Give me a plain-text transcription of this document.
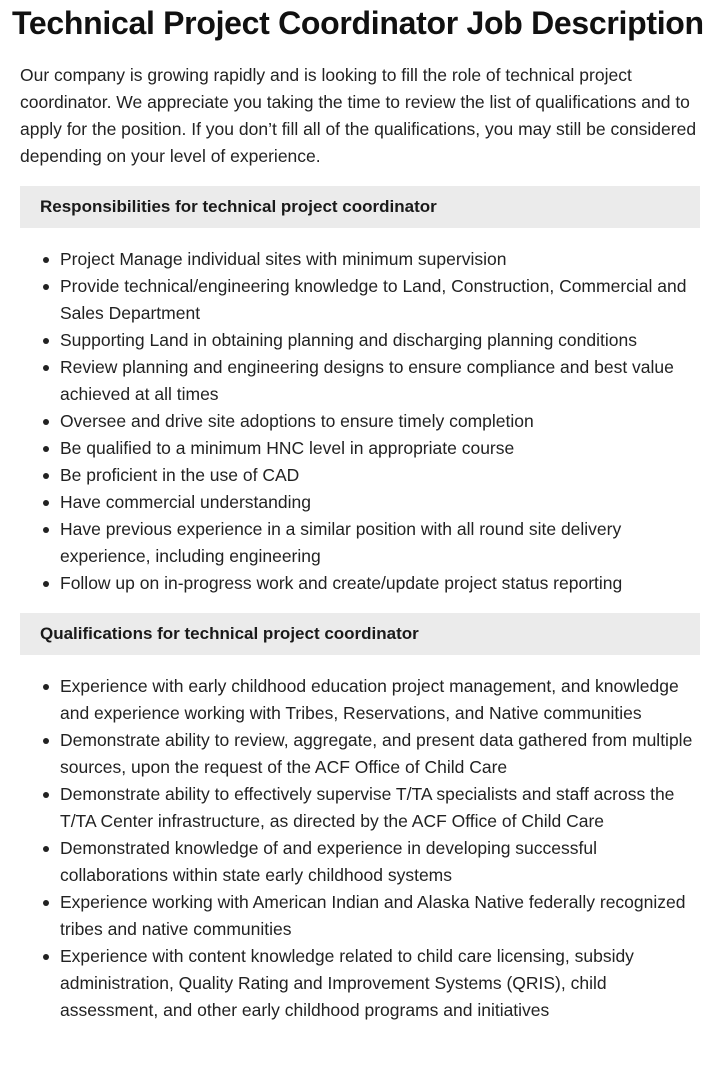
Technical Project Coordinator Job Description

Our company is growing rapidly and is looking to fill the role of technical project coordinator. We appreciate you taking the time to review the list of qualifications and to apply for the position. If you don’t fill all of the qualifications, you may still be considered depending on your level of experience.

Responsibilities for technical project coordinator
Project Manage individual sites with minimum supervision
Provide technical/engineering knowledge to Land, Construction, Commercial and Sales Department
Supporting Land in obtaining planning and discharging planning conditions
Review planning and engineering designs to ensure compliance and best value achieved at all times
Oversee and drive site adoptions to ensure timely completion
Be qualified to a minimum HNC level in appropriate course
Be proficient in the use of CAD
Have commercial understanding
Have previous experience in a similar position with all round site delivery experience, including engineering
Follow up on in-progress work and create/update project status reporting
Qualifications for technical project coordinator
Experience with early childhood education project management, and knowledge and experience working with Tribes, Reservations, and Native communities
Demonstrate ability to review, aggregate, and present data gathered from multiple sources, upon the request of the ACF Office of Child Care
Demonstrate ability to effectively supervise T/TA specialists and staff across the T/TA Center infrastructure, as directed by the ACF Office of Child Care
Demonstrated knowledge of and experience in developing successful collaborations within state early childhood systems
Experience working with American Indian and Alaska Native federally recognized tribes and native communities
Experience with content knowledge related to child care licensing, subsidy administration, Quality Rating and Improvement Systems (QRIS), child assessment, and other early childhood programs and initiatives
